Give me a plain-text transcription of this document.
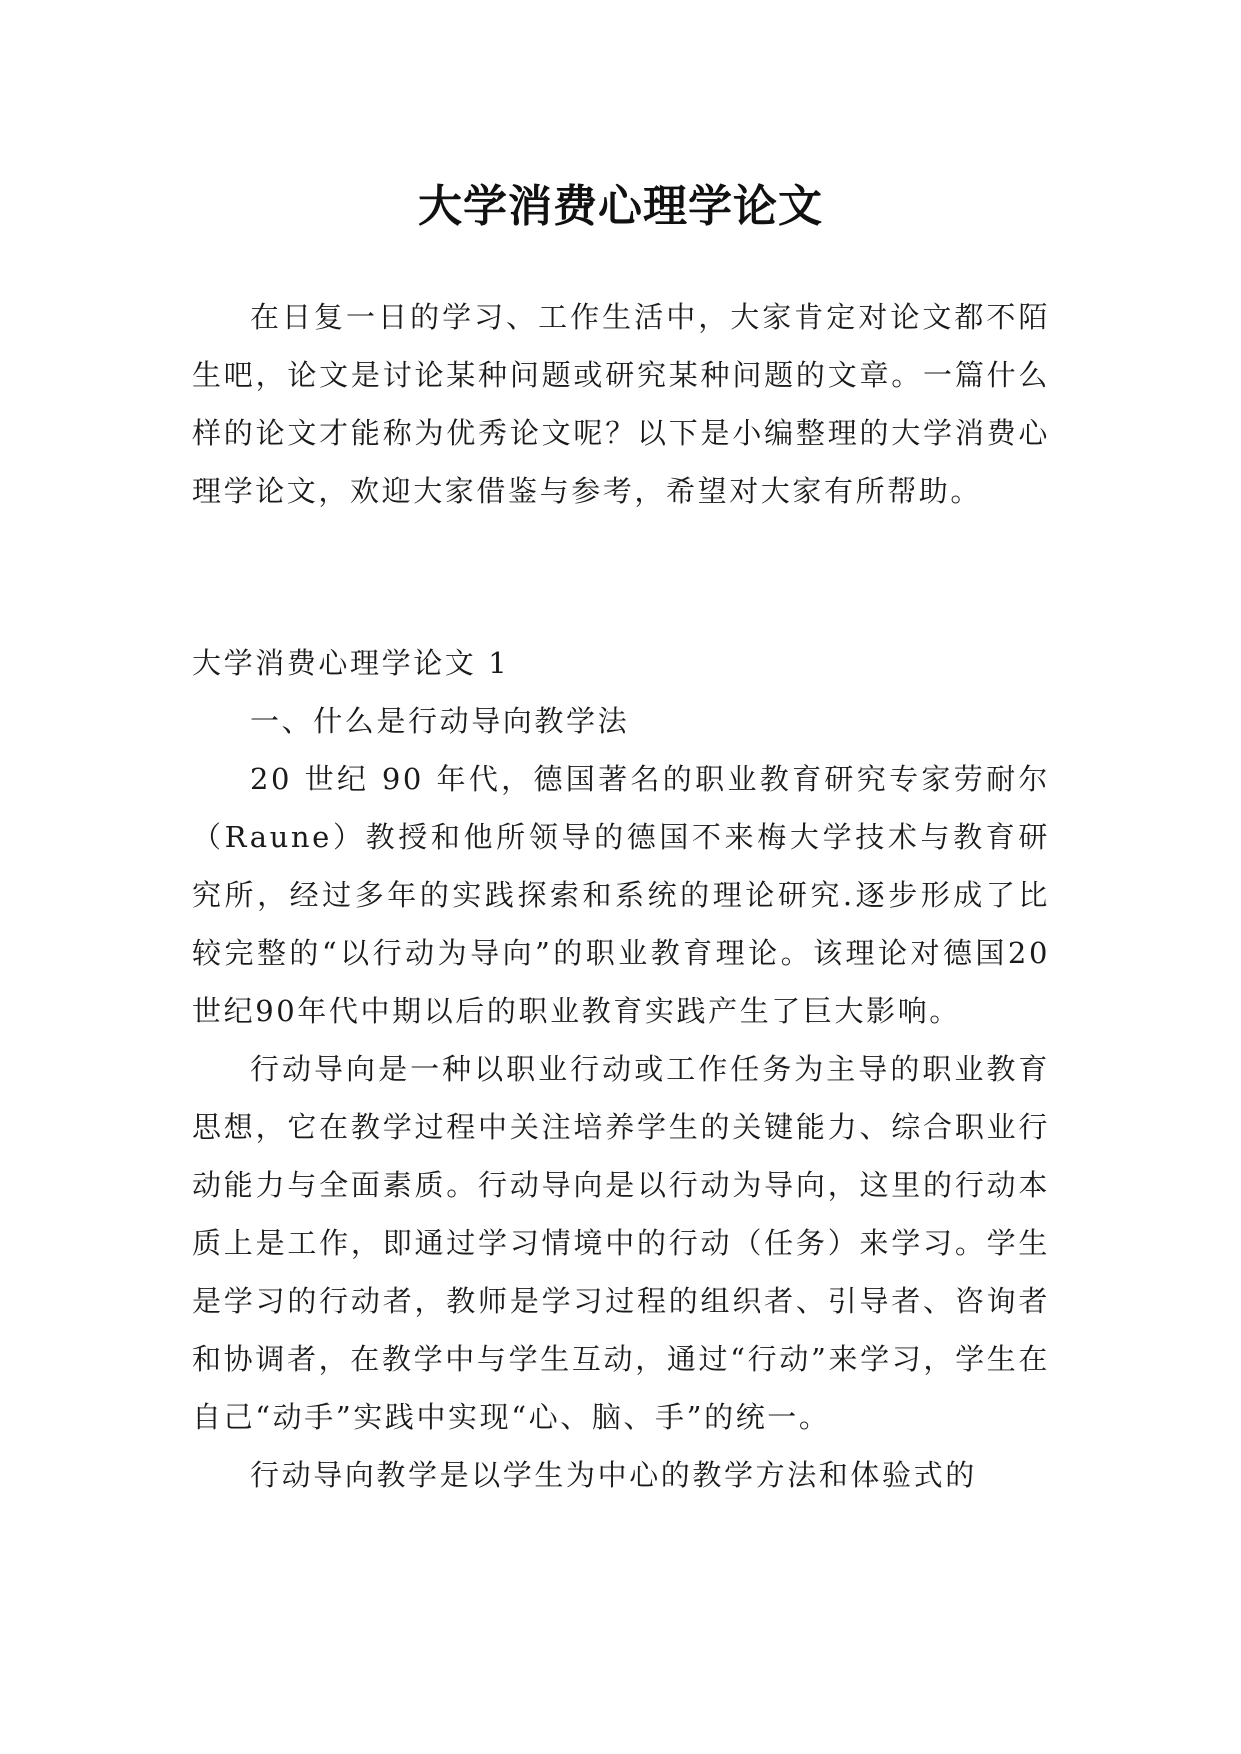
大学消费心理学论文

在日复一日的学习、工作生活中，大家肯定对论文都不陌生吧，论文是讨论某种问题或研究某种问题的文章。一篇什么样的论文才能称为优秀论文呢？以下是小编整理的大学消费心理学论文，欢迎大家借鉴与参考，希望对大家有所帮助。

大学消费心理学论文 1

一、什么是行动导向教学法

20 世纪 90 年代，德国著名的职业教育研究专家劳耐尔（Raune）教授和他所领导的德国不来梅大学技术与教育研究所，经过多年的实践探索和系统的理论研究.逐步形成了比较完整的“以行动为导向”的职业教育理论。该理论对德国20世纪90年代中期以后的职业教育实践产生了巨大影响。

行动导向是一种以职业行动或工作任务为主导的职业教育思想，它在教学过程中关注培养学生的关键能力、综合职业行动能力与全面素质。行动导向是以行动为导向，这里的行动本质上是工作，即通过学习情境中的行动（任务）来学习。学生是学习的行动者，教师是学习过程的组织者、引导者、咨询者和协调者，在教学中与学生互动，通过“行动”来学习，学生在自己“动手”实践中实现“心、脑、手”的统一。

行动导向教学是以学生为中心的教学方法和体验式的
